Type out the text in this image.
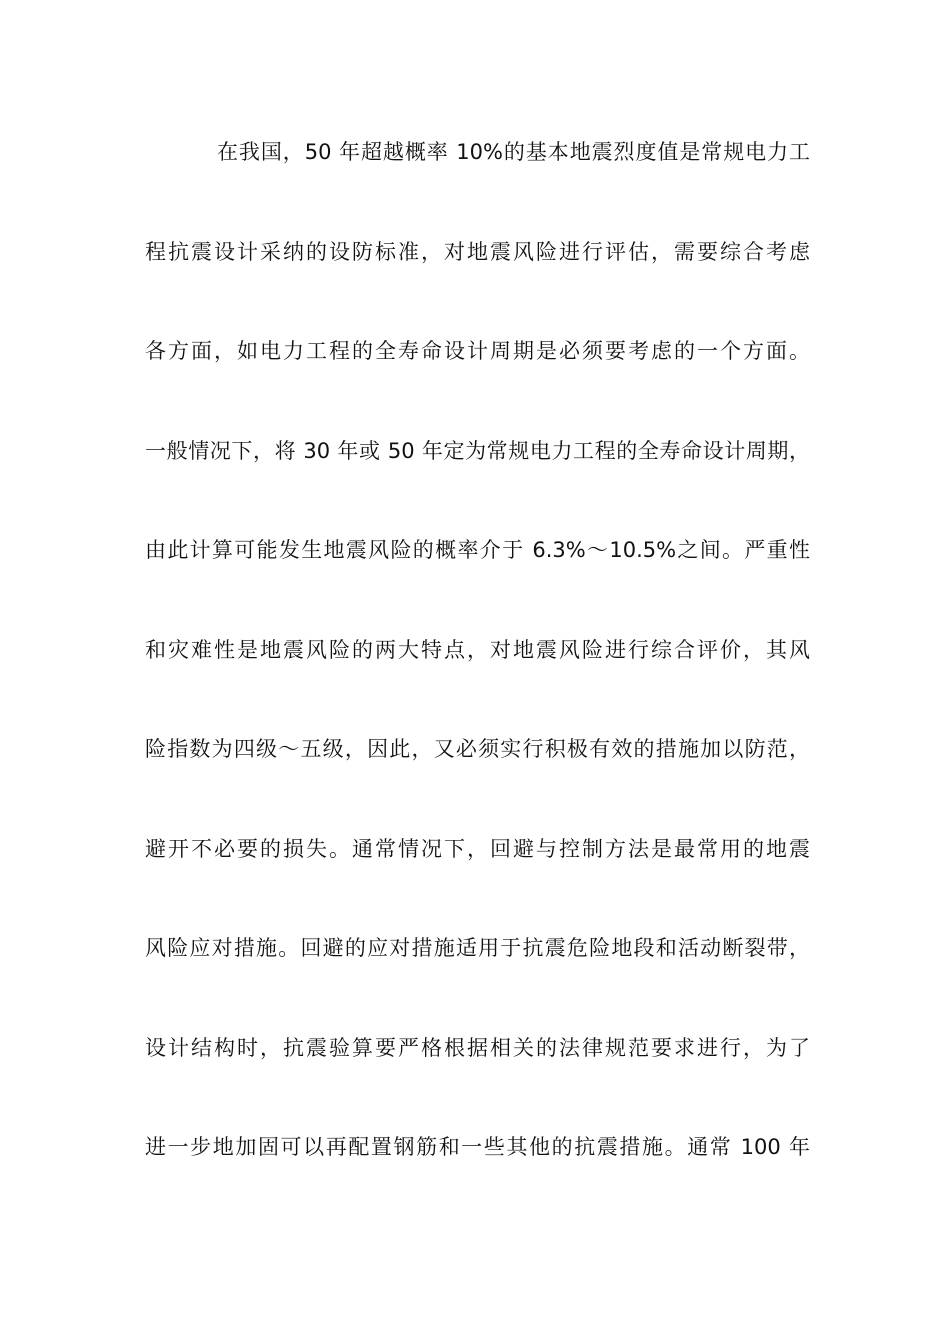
在我国，50 年超越概率 10%的基本地震烈度值是常规电力工
程抗震设计采纳的设防标准，对地震风险进行评估，需要综合考虑
各方面，如电力工程的全寿命设计周期是必须要考虑的一个方面。
一般情况下，将 30 年或 50 年定为常规电力工程的全寿命设计周期，
由此计算可能发生地震风险的概率介于 6.3%～10.5%之间。严重性
和灾难性是地震风险的两大特点，对地震风险进行综合评价，其风
险指数为四级～五级，因此，又必须实行积极有效的措施加以防范，
避开不必要的损失。通常情况下，回避与控制方法是最常用的地震
风险应对措施。回避的应对措施适用于抗震危险地段和活动断裂带，
设计结构时，抗震验算要严格根据相关的法律规范要求进行，为了
进一步地加固可以再配置钢筋和一些其他的抗震措施。通常 100 年
